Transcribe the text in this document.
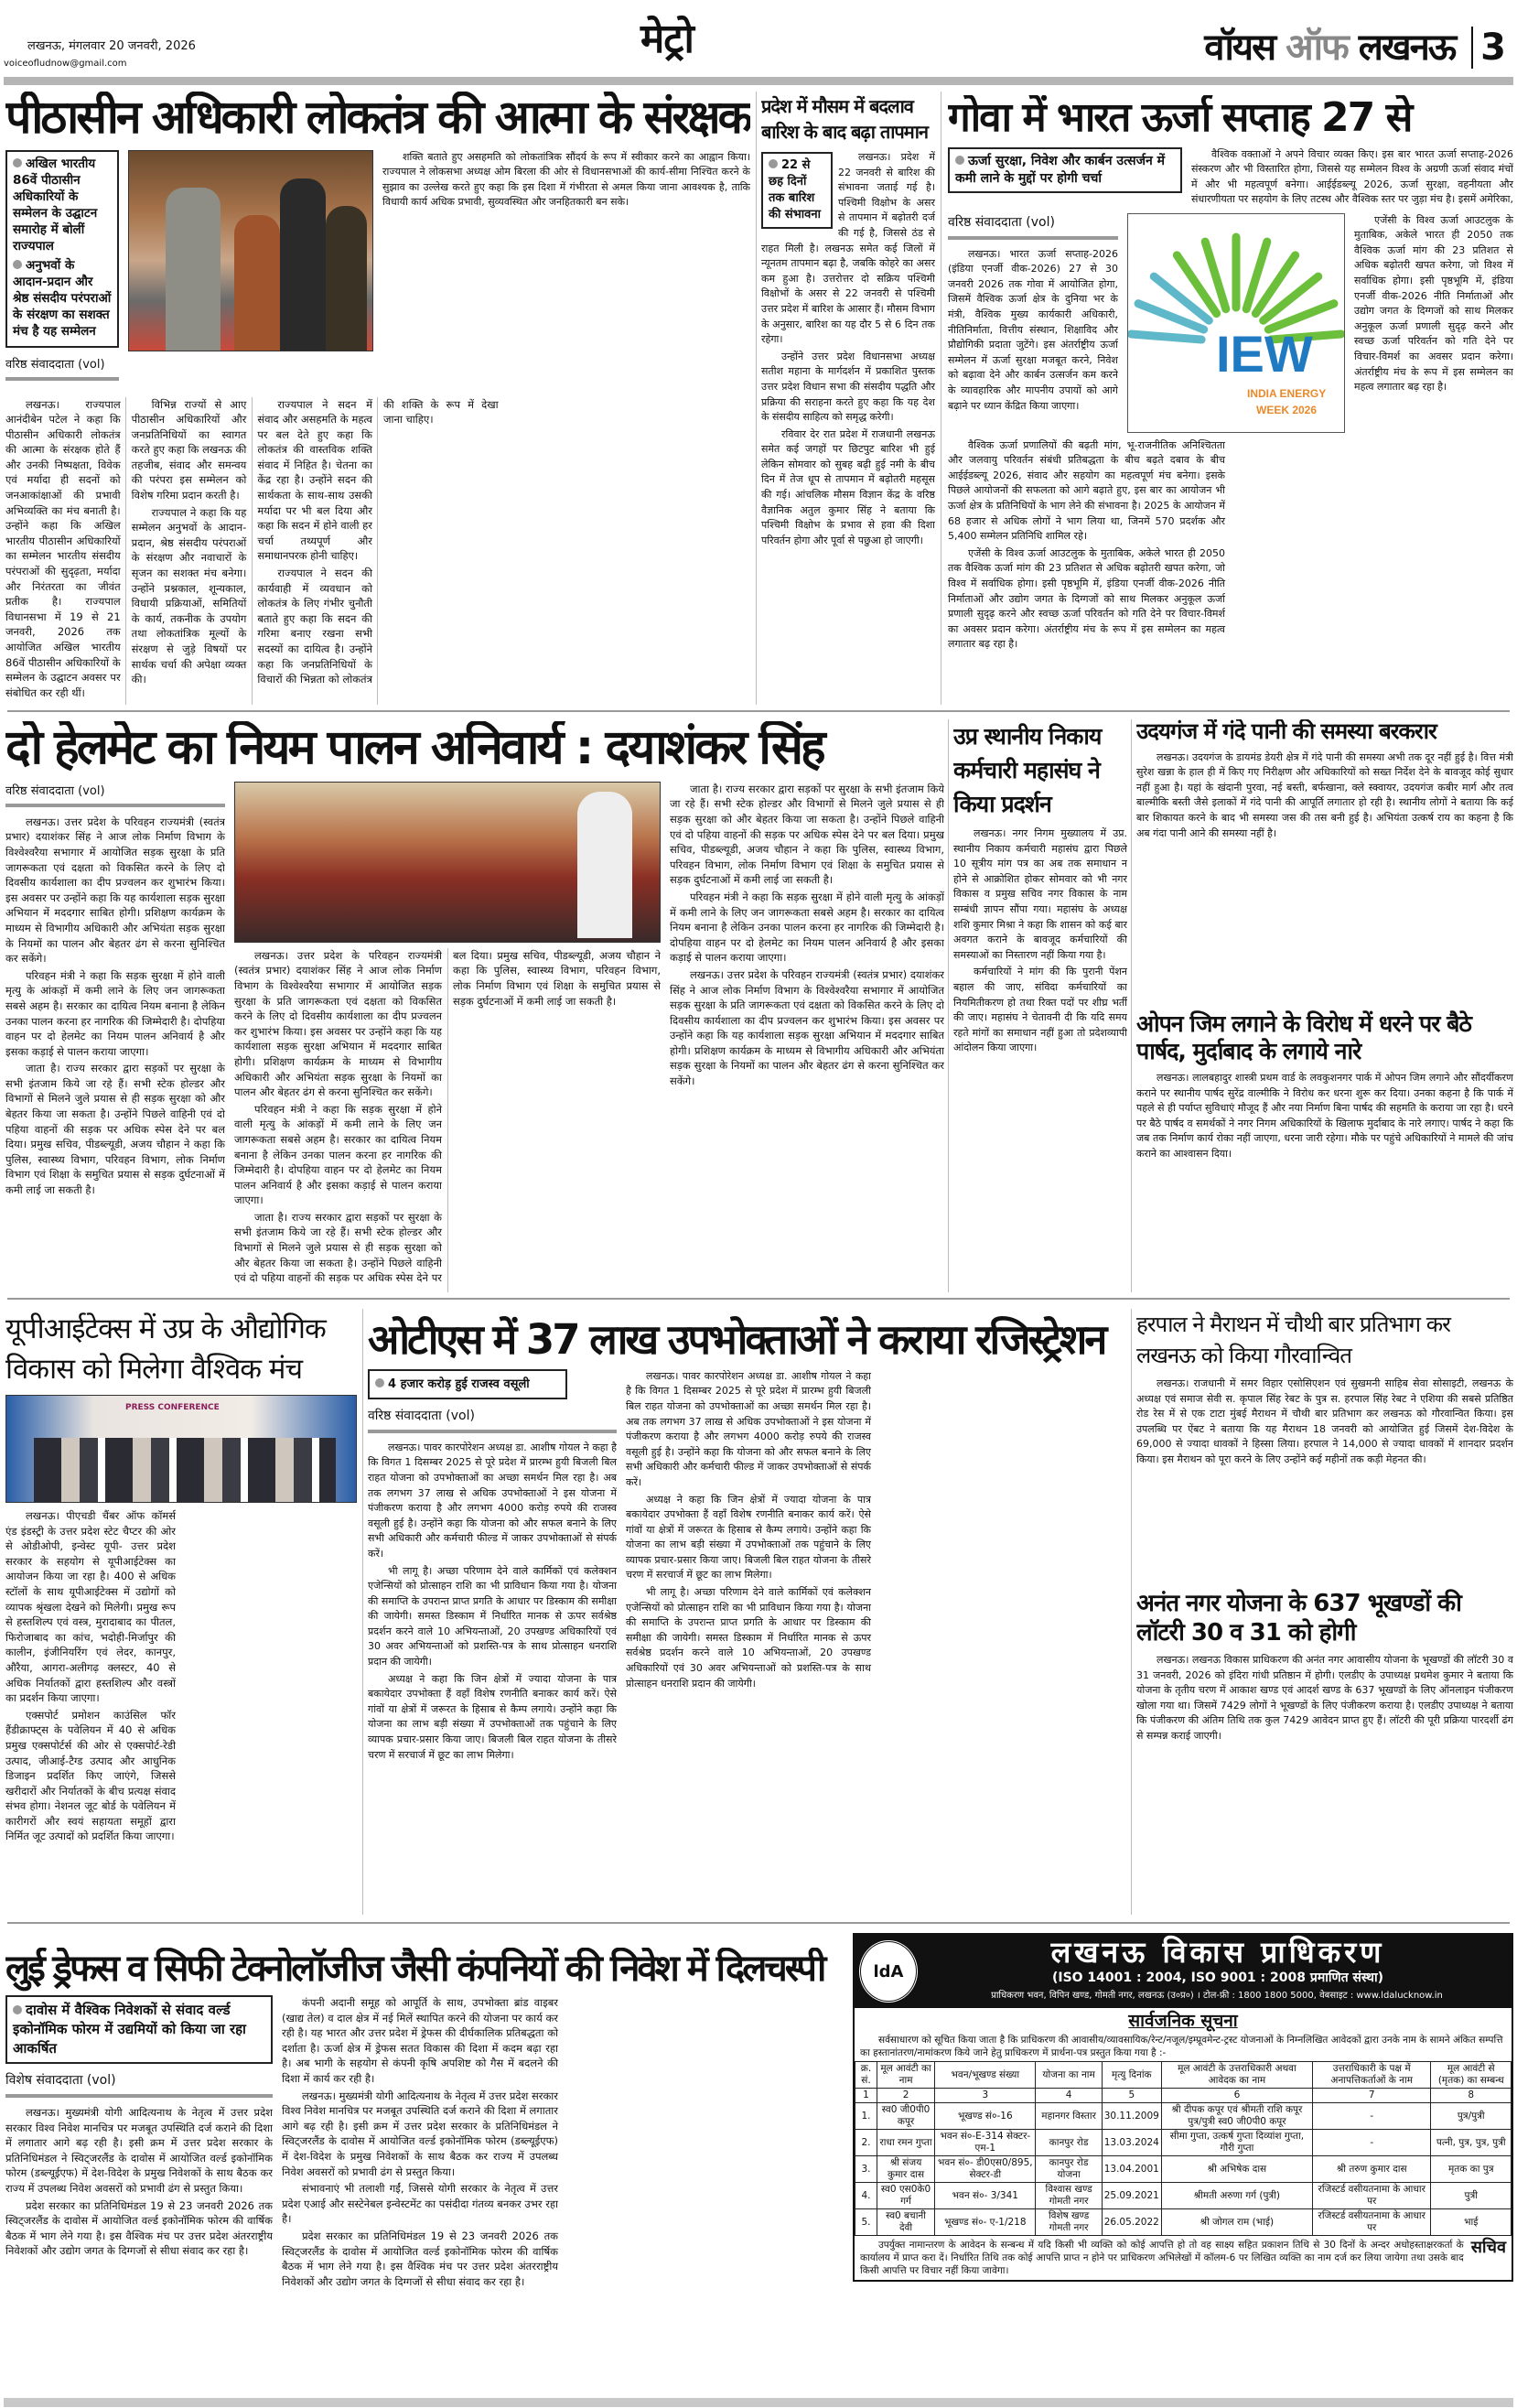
लखनऊ, मंगलवार 20 जनवरी, 2026
voiceofludnow@gmail.com
मेट्रो	वॉयस ऑफ लखनऊ 3
पीठासीन अधिकारी लोकतंत्र की आत्मा के संरक्षक
अखिल भारतीय 86वें पीठासीन अधिकारियों के सम्मेलन के उद्घाटन समारोह में बोलीं राज्यपाल
अनुभवों के आदान-प्रदान और श्रेष्ठ संसदीय परंपराओं के संरक्षण का सशक्त मंच है यह सम्मेलन
वरिष्ठ संवाददाता (vol)

शक्ति बताते हुए असहमति को लोकतांत्रिक सौंदर्य के रूप में स्वीकार करने का आह्वान किया। राज्यपाल ने लोकसभा अध्यक्ष ओम बिरला की ओर से विधानसभाओं की कार्य-सीमा निश्चित करने के सुझाव का उल्लेख करते हुए कहा कि इस दिशा में गंभीरता से अमल किया जाना आवश्यक है, ताकि विधायी कार्य अधिक प्रभावी, सुव्यवस्थित और जनहितकारी बन सके।

लखनऊ। राज्यपाल आनंदीबेन पटेल ने कहा कि पीठासीन अधिकारी लोकतंत्र की आत्मा के संरक्षक होते हैं और उनकी निष्पक्षता, विवेक एवं मर्यादा ही सदनों को जनआकांक्षाओं की प्रभावी अभिव्यक्ति का मंच बनाती है। उन्होंने कहा कि अखिल भारतीय पीठासीन अधिकारियों का सम्मेलन भारतीय संसदीय परंपराओं की सुदृढ़ता, मर्यादा और निरंतरता का जीवंत प्रतीक है। राज्यपाल विधानसभा में 19 से 21 जनवरी, 2026 तक आयोजित अखिल भारतीय 86वें पीठासीन अधिकारियों के सम्मेलन के उद्घाटन अवसर पर संबोधित कर रही थीं।

विभिन्न राज्यों से आए पीठासीन अधिकारियों और जनप्रतिनिधियों का स्वागत करते हुए कहा कि लखनऊ की तहजीब, संवाद और समन्वय की परंपरा इस सम्मेलन को विशेष गरिमा प्रदान करती है।

राज्यपाल ने कहा कि यह सम्मेलन अनुभवों के आदान-प्रदान, श्रेष्ठ संसदीय परंपराओं के संरक्षण और नवाचारों के सृजन का सशक्त मंच बनेगा। उन्होंने प्रश्नकाल, शून्यकाल, विधायी प्रक्रियाओं, समितियों के कार्य, तकनीक के उपयोग तथा लोकतांत्रिक मूल्यों के संरक्षण से जुड़े विषयों पर सार्थक चर्चा की अपेक्षा व्यक्त की।

राज्यपाल ने सदन में संवाद और असहमति के महत्व पर बल देते हुए कहा कि लोकतंत्र की वास्तविक शक्ति संवाद में निहित है। चेतना का केंद्र रहा है। उन्होंने सदन की सार्थकता के साथ-साथ उसकी मर्यादा पर भी बल दिया और कहा कि सदन में होने वाली हर चर्चा तथ्यपूर्ण और समाधानपरक होनी चाहिए।

राज्यपाल ने सदन की कार्यवाही में व्यवधान को लोकतंत्र के लिए गंभीर चुनौती बताते हुए कहा कि सदन की गरिमा बनाए रखना सभी सदस्यों का दायित्व है। उन्होंने कहा कि जनप्रतिनिधियों के विचारों की भिन्नता को लोकतंत्र की शक्ति के रूप में देखा जाना चाहिए।

प्रदेश में मौसम में बदलाव
बारिश के बाद बढ़ा तापमान
22 से छह दिनों तक बारिश की संभावना

लखनऊ। प्रदेश में 22 जनवरी से बारिश की संभावना जताई गई है। पश्चिमी विक्षोभ के असर से तापमान में बढ़ोतरी दर्ज की गई है, जिससे ठंड से राहत मिली है। लखनऊ समेत कई जिलों में न्यूनतम तापमान बढ़ा है, जबकि कोहरे का असर कम हुआ है। उत्तरोत्तर दो सक्रिय पश्चिमी विक्षोभों के असर से 22 जनवरी से पश्चिमी उत्तर प्रदेश में बारिश के आसार हैं। मौसम विभाग के अनुसार, बारिश का यह दौर 5 से 6 दिन तक रहेगा।

उन्होंने उत्तर प्रदेश विधानसभा अध्यक्ष सतीश महाना के मार्गदर्शन में प्रकाशित पुस्तक उत्तर प्रदेश विधान सभा की संसदीय पद्धति और प्रक्रिया की सराहना करते हुए कहा कि यह देश के संसदीय साहित्य को समृद्ध करेगी।

रविवार देर रात प्रदेश में राजधानी लखनऊ समेत कई जगहों पर छिटपुट बारिश भी हुई लेकिन सोमवार को सुबह बढ़ी हुई नमी के बीच दिन में तेज धूप से तापमान में बढ़ोतरी महसूस की गई। आंचलिक मौसम विज्ञान केंद्र के वरिष्ठ वैज्ञानिक अतुल कुमार सिंह ने बताया कि पश्चिमी विक्षोभ के प्रभाव से हवा की दिशा परिवर्तन होगा और पूर्वा से पछुआ हो जाएगी।

गोवा में भारत ऊर्जा सप्ताह 27 से
ऊर्जा सुरक्षा, निवेश और कार्बन उत्सर्जन में कमी लाने के मुद्दों पर होगी चर्चा

वैश्विक वक्ताओं ने अपने विचार व्यक्त किए। इस बार भारत ऊर्जा सप्ताह-2026 संस्करण और भी विस्तारित होगा, जिससे यह सम्मेलन विश्व के अग्रणी ऊर्जा संवाद मंचों में और भी महत्वपूर्ण बनेगा। आईईडब्ल्यू 2026, ऊर्जा सुरक्षा, वहनीयता और संधारणीयता पर सहयोग के लिए तटस्थ और वैश्विक स्तर पर जुड़ा मंच है। इसमें अमेरिका,

वरिष्ठ संवाददाता (vol)

लखनऊ। भारत ऊर्जा सप्ताह-2026 (इंडिया एनर्जी वीक-2026) 27 से 30 जनवरी 2026 तक गोवा में आयोजित होगा, जिसमें वैश्विक ऊर्जा क्षेत्र के दुनिया भर के मंत्री, वैश्विक मुख्य कार्यकारी अधिकारी, नीतिनिर्माता, वित्तीय संस्थान, शिक्षाविद और प्रौद्योगिकी प्रदाता जुटेंगे। इस अंतर्राष्ट्रीय ऊर्जा सम्मेलन में ऊर्जा सुरक्षा मजबूत करने, निवेश को बढ़ावा देने और कार्बन उत्सर्जन कम करने के व्यावहारिक और मापनीय उपायों को आगे बढ़ाने पर ध्यान केंद्रित किया जाएगा।

IEW
INDIA ENERGY
WEEK 2026

एजेंसी के विश्व ऊर्जा आउटलुक के मुताबिक, अकेले भारत ही 2050 तक वैश्विक ऊर्जा मांग की 23 प्रतिशत से अधिक बढ़ोतरी खपत करेगा, जो विश्व में सर्वाधिक होगा। इसी पृष्ठभूमि में, इंडिया एनर्जी वीक-2026 नीति निर्माताओं और उद्योग जगत के दिग्गजों को साथ मिलकर अनुकूल ऊर्जा प्रणाली सुदृढ़ करने और स्वच्छ ऊर्जा परिवर्तन को गति देने पर विचार-विमर्श का अवसर प्रदान करेगा। अंतर्राष्ट्रीय मंच के रूप में इस सम्मेलन का महत्व लगातार बढ़ रहा है।

वैश्विक ऊर्जा प्रणालियों की बढ़ती मांग, भू-राजनीतिक अनिश्चितता और जलवायु परिवर्तन संबंधी प्रतिबद्धता के बीच बढ़ते दबाव के बीच आईईडब्ल्यू 2026, संवाद और सहयोग का महत्वपूर्ण मंच बनेगा। इसके पिछले आयोजनों की सफलता को आगे बढ़ाते हुए, इस बार का आयोजन भी ऊर्जा क्षेत्र के प्रतिनिधियों के भाग लेने की संभावना है। 2025 के आयोजन में 68 हजार से अधिक लोगों ने भाग लिया था, जिनमें 570 प्रदर्शक और 5,400 सम्मेलन प्रतिनिधि शामिल रहे।

एजेंसी के विश्व ऊर्जा आउटलुक के मुताबिक, अकेले भारत ही 2050 तक वैश्विक ऊर्जा मांग की 23 प्रतिशत से अधिक बढ़ोतरी खपत करेगा, जो विश्व में सर्वाधिक होगा। इसी पृष्ठभूमि में, इंडिया एनर्जी वीक-2026 नीति निर्माताओं और उद्योग जगत के दिग्गजों को साथ मिलकर अनुकूल ऊर्जा प्रणाली सुदृढ़ करने और स्वच्छ ऊर्जा परिवर्तन को गति देने पर विचार-विमर्श का अवसर प्रदान करेगा। अंतर्राष्ट्रीय मंच के रूप में इस सम्मेलन का महत्व लगातार बढ़ रहा है।

दो हेलमेट का नियम पालन अनिवार्य : दयाशंकर सिंह
वरिष्ठ संवाददाता (vol)

लखनऊ। उत्तर प्रदेश के परिवहन राज्यमंत्री (स्वतंत्र प्रभार) दयाशंकर सिंह ने आज लोक निर्माण विभाग के विश्वेश्वरैया सभागार में आयोजित सड़क सुरक्षा के प्रति जागरूकता एवं दक्षता को विकसित करने के लिए दो दिवसीय कार्यशाला का दीप प्रज्वलन कर शुभारंभ किया। इस अवसर पर उन्होंने कहा कि यह कार्यशाला सड़क सुरक्षा अभियान में मददगार साबित होगी। प्रशिक्षण कार्यक्रम के माध्यम से विभागीय अधिकारी और अभियंता सड़क सुरक्षा के नियमों का पालन और बेहतर ढंग से करना सुनिश्चित कर सकेंगे।

परिवहन मंत्री ने कहा कि सड़क सुरक्षा में होने वाली मृत्यु के आंकड़ों में कमी लाने के लिए जन जागरूकता सबसे अहम है। सरकार का दायित्व नियम बनाना है लेकिन उनका पालन करना हर नागरिक की जिम्मेदारी है। दोपहिया वाहन पर दो हेलमेट का नियम पालन अनिवार्य है और इसका कड़ाई से पालन कराया जाएगा।

जाता है। राज्य सरकार द्वारा सड़कों पर सुरक्षा के सभी इंतजाम किये जा रहे हैं। सभी स्टेक होल्डर और विभागों से मिलने जुले प्रयास से ही सड़क सुरक्षा को और बेहतर किया जा सकता है। उन्होंने पिछले वाहिनी एवं दो पहिया वाहनों की सड़क पर अधिक स्पेस देने पर बल दिया। प्रमुख सचिव, पीडब्ल्यूडी, अजय चौहान ने कहा कि पुलिस, स्वास्थ्य विभाग, परिवहन विभाग, लोक निर्माण विभाग एवं शिक्षा के समुचित प्रयास से सड़क दुर्घटनाओं में कमी लाई जा सकती है।

लखनऊ। उत्तर प्रदेश के परिवहन राज्यमंत्री (स्वतंत्र प्रभार) दयाशंकर सिंह ने आज लोक निर्माण विभाग के विश्वेश्वरैया सभागार में आयोजित सड़क सुरक्षा के प्रति जागरूकता एवं दक्षता को विकसित करने के लिए दो दिवसीय कार्यशाला का दीप प्रज्वलन कर शुभारंभ किया। इस अवसर पर उन्होंने कहा कि यह कार्यशाला सड़क सुरक्षा अभियान में मददगार साबित होगी। प्रशिक्षण कार्यक्रम के माध्यम से विभागीय अधिकारी और अभियंता सड़क सुरक्षा के नियमों का पालन और बेहतर ढंग से करना सुनिश्चित कर सकेंगे।

परिवहन मंत्री ने कहा कि सड़क सुरक्षा में होने वाली मृत्यु के आंकड़ों में कमी लाने के लिए जन जागरूकता सबसे अहम है। सरकार का दायित्व नियम बनाना है लेकिन उनका पालन करना हर नागरिक की जिम्मेदारी है। दोपहिया वाहन पर दो हेलमेट का नियम पालन अनिवार्य है और इसका कड़ाई से पालन कराया जाएगा।

जाता है। राज्य सरकार द्वारा सड़कों पर सुरक्षा के सभी इंतजाम किये जा रहे हैं। सभी स्टेक होल्डर और विभागों से मिलने जुले प्रयास से ही सड़क सुरक्षा को और बेहतर किया जा सकता है। उन्होंने पिछले वाहिनी एवं दो पहिया वाहनों की सड़क पर अधिक स्पेस देने पर बल दिया। प्रमुख सचिव, पीडब्ल्यूडी, अजय चौहान ने कहा कि पुलिस, स्वास्थ्य विभाग, परिवहन विभाग, लोक निर्माण विभाग एवं शिक्षा के समुचित प्रयास से सड़क दुर्घटनाओं में कमी लाई जा सकती है।

जाता है। राज्य सरकार द्वारा सड़कों पर सुरक्षा के सभी इंतजाम किये जा रहे हैं। सभी स्टेक होल्डर और विभागों से मिलने जुले प्रयास से ही सड़क सुरक्षा को और बेहतर किया जा सकता है। उन्होंने पिछले वाहिनी एवं दो पहिया वाहनों की सड़क पर अधिक स्पेस देने पर बल दिया। प्रमुख सचिव, पीडब्ल्यूडी, अजय चौहान ने कहा कि पुलिस, स्वास्थ्य विभाग, परिवहन विभाग, लोक निर्माण विभाग एवं शिक्षा के समुचित प्रयास से सड़क दुर्घटनाओं में कमी लाई जा सकती है।

परिवहन मंत्री ने कहा कि सड़क सुरक्षा में होने वाली मृत्यु के आंकड़ों में कमी लाने के लिए जन जागरूकता सबसे अहम है। सरकार का दायित्व नियम बनाना है लेकिन उनका पालन करना हर नागरिक की जिम्मेदारी है। दोपहिया वाहन पर दो हेलमेट का नियम पालन अनिवार्य है और इसका कड़ाई से पालन कराया जाएगा।

लखनऊ। उत्तर प्रदेश के परिवहन राज्यमंत्री (स्वतंत्र प्रभार) दयाशंकर सिंह ने आज लोक निर्माण विभाग के विश्वेश्वरैया सभागार में आयोजित सड़क सुरक्षा के प्रति जागरूकता एवं दक्षता को विकसित करने के लिए दो दिवसीय कार्यशाला का दीप प्रज्वलन कर शुभारंभ किया। इस अवसर पर उन्होंने कहा कि यह कार्यशाला सड़क सुरक्षा अभियान में मददगार साबित होगी। प्रशिक्षण कार्यक्रम के माध्यम से विभागीय अधिकारी और अभियंता सड़क सुरक्षा के नियमों का पालन और बेहतर ढंग से करना सुनिश्चित कर सकेंगे।

उप्र स्थानीय निकाय कर्मचारी महासंघ ने किया प्रदर्शन

लखनऊ। नगर निगम मुख्यालय में उप्र. स्थानीय निकाय कर्मचारी महासंघ द्वारा पिछले 10 सूत्रीय मांग पत्र का अब तक समाधान न होने से आक्रोशित होकर सोमवार को भी नगर विकास व प्रमुख सचिव नगर विकास के नाम सम्बंधी ज्ञापन सौंपा गया। महासंघ के अध्यक्ष शशि कुमार मिश्रा ने कहा कि शासन को कई बार अवगत कराने के बावजूद कर्मचारियों की समस्याओं का निस्तारण नहीं किया गया है।

कर्मचारियों ने मांग की कि पुरानी पेंशन बहाल की जाए, संविदा कर्मचारियों का नियमितीकरण हो तथा रिक्त पदों पर शीघ्र भर्ती की जाए। महासंघ ने चेतावनी दी कि यदि समय रहते मांगों का समाधान नहीं हुआ तो प्रदेशव्यापी आंदोलन किया जाएगा।

उदयगंज में गंदे पानी की समस्या बरकरार

लखनऊ। उदयगंज के डायमंड डेयरी क्षेत्र में गंदे पानी की समस्या अभी तक दूर नहीं हुई है। वित्त मंत्री सुरेश खन्ना के हाल ही में किए गए निरीक्षण और अधिकारियों को सख्त निर्देश देने के बावजूद कोई सुधार नहीं हुआ है। यहां के खंदानी पुरवा, नई बस्ती, बर्फखाना, क्ले स्क्वायर, उदयगंज कबीर मार्ग और तत्व बाल्मीकि बस्ती जैसे इलाकों में गंदे पानी की आपूर्ति लगातार हो रही है। स्थानीय लोगों ने बताया कि कई बार शिकायत करने के बाद भी समस्या जस की तस बनी हुई है। अभियंता उत्कर्ष राय का कहना है कि अब गंदा पानी आने की समस्या नहीं है।

ओपन जिम लगाने के विरोध में धरने पर बैठे पार्षद, मुर्दाबाद के लगाये नारे

लखनऊ। लालबहादुर शास्त्री प्रथम वार्ड के लवकुशनगर पार्क में ओपन जिम लगाने और सौंदर्यीकरण कराने पर स्थानीय पार्षद सुरेंद्र वाल्मीकि ने विरोध कर धरना शुरू कर दिया। उनका कहना है कि पार्क में पहले से ही पर्याप्त सुविधाएं मौजूद हैं और नया निर्माण बिना पार्षद की सहमति के कराया जा रहा है। धरने पर बैठे पार्षद व समर्थकों ने नगर निगम अधिकारियों के खिलाफ मुर्दाबाद के नारे लगाए। पार्षद ने कहा कि जब तक निर्माण कार्य रोका नहीं जाएगा, धरना जारी रहेगा। मौके पर पहुंचे अधिकारियों ने मामले की जांच कराने का आश्वासन दिया।

यूपीआईटेक्स में उप्र के औद्योगिक विकास को मिलेगा वैश्विक मंच
PRESS CONFERENCE

लखनऊ। पीएचडी चैंबर ऑफ कॉमर्स एंड इंडस्ट्री के उत्तर प्रदेश स्टेट चैप्टर की ओर से ओडीओपी, इन्वेस्ट यूपी- उत्तर प्रदेश सरकार के सहयोग से यूपीआईटेक्स का आयोजन किया जा रहा है। 400 से अधिक स्टॉलों के साथ यूपीआईटेक्स में उद्योगों को व्यापक श्रृंखला देखने को मिलेगी। प्रमुख रूप से हस्तशिल्प एवं वस्त्र, मुरादाबाद का पीतल, फिरोजाबाद का कांच, भदोही-मिर्जापुर की कालीन, इंजीनियरिंग एवं लेदर, कानपुर, औरैया, आगरा-अलीगढ़ क्लस्टर, 40 से अधिक निर्यातकों द्वारा हस्तशिल्प और वस्त्रों का प्रदर्शन किया जाएगा।

एक्सपोर्ट प्रमोशन काउंसिल फॉर हैंडीक्राफ्ट्स के पवेलियन में 40 से अधिक प्रमुख एक्सपोर्टर्स की ओर से एक्सपोर्ट-रेडी उत्पाद, जीआई-टैग्ड उत्पाद और आधुनिक डिजाइन प्रदर्शित किए जाएंगे, जिससे खरीदारों और निर्यातकों के बीच प्रत्यक्ष संवाद संभव होगा। नेशनल जूट बोर्ड के पवेलियन में कारीगरों और स्वयं सहायता समूहों द्वारा निर्मित जूट उत्पादों को प्रदर्शित किया जाएगा।

ओटीएस में 37 लाख उपभोक्ताओं ने कराया रजिस्ट्रेशन
4 हजार करोड़ हुई राजस्व वसूली
वरिष्ठ संवाददाता (vol)

लखनऊ। पावर कारपोरेशन अध्यक्ष डा. आशीष गोयल ने कहा है कि विगत 1 दिसम्बर 2025 से पूरे प्रदेश में प्रारम्भ हुयी बिजली बिल राहत योजना को उपभोक्ताओं का अच्छा समर्थन मिल रहा है। अब तक लगभग 37 लाख से अधिक उपभोक्ताओं ने इस योजना में पंजीकरण कराया है और लगभग 4000 करोड़ रुपये की राजस्व वसूली हुई है। उन्होंने कहा कि योजना को और सफल बनाने के लिए सभी अधिकारी और कर्मचारी फील्ड में जाकर उपभोक्ताओं से संपर्क करें।

भी लागू है। अच्छा परिणाम देने वाले कार्मिकों एवं कलेक्शन एजेन्सियों को प्रोत्साहन राशि का भी प्राविधान किया गया है। योजना की समाप्ति के उपरान्त प्राप्त प्रगति के आधार पर डिस्काम की समीक्षा की जायेगी। समस्त डिस्काम में निर्धारित मानक से ऊपर सर्वश्रेष्ठ प्रदर्शन करने वाले 10 अभियन्ताओं, 20 उपखण्ड अधिकारियों एवं 30 अवर अभियन्ताओं को प्रशस्ति-पत्र के साथ प्रोत्साहन धनराशि प्रदान की जायेगी।

अध्यक्ष ने कहा कि जिन क्षेत्रों में ज्यादा योजना के पात्र बकायेदार उपभोक्ता हैं वहाँ विशेष रणनीति बनाकर कार्य करें। ऐसे गांवों या क्षेत्रों में जरूरत के हिसाब से कैम्प लगाये। उन्होंने कहा कि योजना का लाभ बड़ी संख्या में उपभोक्ताओं तक पहुंचाने के लिए व्यापक प्रचार-प्रसार किया जाए। बिजली बिल राहत योजना के तीसरे चरण में सरचार्ज में छूट का लाभ मिलेगा।

लखनऊ। पावर कारपोरेशन अध्यक्ष डा. आशीष गोयल ने कहा है कि विगत 1 दिसम्बर 2025 से पूरे प्रदेश में प्रारम्भ हुयी बिजली बिल राहत योजना को उपभोक्ताओं का अच्छा समर्थन मिल रहा है। अब तक लगभग 37 लाख से अधिक उपभोक्ताओं ने इस योजना में पंजीकरण कराया है और लगभग 4000 करोड़ रुपये की राजस्व वसूली हुई है। उन्होंने कहा कि योजना को और सफल बनाने के लिए सभी अधिकारी और कर्मचारी फील्ड में जाकर उपभोक्ताओं से संपर्क करें।

अध्यक्ष ने कहा कि जिन क्षेत्रों में ज्यादा योजना के पात्र बकायेदार उपभोक्ता हैं वहाँ विशेष रणनीति बनाकर कार्य करें। ऐसे गांवों या क्षेत्रों में जरूरत के हिसाब से कैम्प लगाये। उन्होंने कहा कि योजना का लाभ बड़ी संख्या में उपभोक्ताओं तक पहुंचाने के लिए व्यापक प्रचार-प्रसार किया जाए। बिजली बिल राहत योजना के तीसरे चरण में सरचार्ज में छूट का लाभ मिलेगा।

भी लागू है। अच्छा परिणाम देने वाले कार्मिकों एवं कलेक्शन एजेन्सियों को प्रोत्साहन राशि का भी प्राविधान किया गया है। योजना की समाप्ति के उपरान्त प्राप्त प्रगति के आधार पर डिस्काम की समीक्षा की जायेगी। समस्त डिस्काम में निर्धारित मानक से ऊपर सर्वश्रेष्ठ प्रदर्शन करने वाले 10 अभियन्ताओं, 20 उपखण्ड अधिकारियों एवं 30 अवर अभियन्ताओं को प्रशस्ति-पत्र के साथ प्रोत्साहन धनराशि प्रदान की जायेगी।

हरपाल ने मैराथन में चौथी बार प्रतिभाग कर लखनऊ को किया गौरवान्वित

लखनऊ। राजधानी में समर विहार एसोसिएशन एवं सुखमनी साहिब सेवा सोसाइटी, लखनऊ के अध्यक्ष एवं समाज सेवी स. कृपाल सिंह रेबट के पुत्र स. हरपाल सिंह रेबट ने एशिया की सबसे प्रतिष्ठित रोड रेस में से एक टाटा मुंबई मैराथन में चौथी बार प्रतिभाग कर लखनऊ को गौरवान्वित किया। इस उपलब्धि पर ऐंबट ने बताया कि यह मैराथन 18 जनवरी को आयोजित हुई जिसमें देश-विदेश के 69,000 से ज्यादा धावकों ने हिस्सा लिया। हरपाल ने 14,000 से ज्यादा धावकों में शानदार प्रदर्शन किया। इस मैराथन को पूरा करने के लिए उन्होंने कई महीनों तक कड़ी मेहनत की।

अनंत नगर योजना के 637 भूखण्डों की लॉटरी 30 व 31 को होगी

लखनऊ। लखनऊ विकास प्राधिकरण की अनंत नगर आवासीय योजना के भूखण्डों की लॉटरी 30 व 31 जनवरी, 2026 को इंदिरा गांधी प्रतिष्ठान में होगी। एलडीए के उपाध्यक्ष प्रथमेश कुमार ने बताया कि योजना के तृतीय चरण में आकाश खण्ड एवं आदर्श खण्ड के 637 भूखण्डों के लिए ऑनलाइन पंजीकरण खोला गया था। जिसमें 7429 लोगों ने भूखण्डों के लिए पंजीकरण कराया है। एलडीए उपाध्यक्ष ने बताया कि पंजीकरण की अंतिम तिथि तक कुल 7429 आवेदन प्राप्त हुए हैं। लॉटरी की पूरी प्रक्रिया पारदर्शी ढंग से सम्पन्न कराई जाएगी।

लुई ड्रेफस व सिफी टेक्नोलॉजीज जैसी कंपनियों की निवेश में दिलचस्पी
दावोस में वैश्विक निवेशकों से संवाद वर्ल्ड इकोनॉमिक फोरम में उद्यमियों को किया जा रहा आकर्षित
विशेष संवाददाता (vol)

लखनऊ। मुख्यमंत्री योगी आदित्यनाथ के नेतृत्व में उत्तर प्रदेश सरकार विश्व निवेश मानचित्र पर मजबूत उपस्थिति दर्ज कराने की दिशा में लगातार आगे बढ़ रही है। इसी क्रम में उत्तर प्रदेश सरकार के प्रतिनिधिमंडल ने स्विट्जरलैंड के दावोस में आयोजित वर्ल्ड इकोनॉमिक फोरम (डब्ल्यूईएफ) में देश-विदेश के प्रमुख निवेशकों के साथ बैठक कर राज्य में उपलब्ध निवेश अवसरों को प्रभावी ढंग से प्रस्तुत किया।

प्रदेश सरकार का प्रतिनिधिमंडल 19 से 23 जनवरी 2026 तक स्विट्जरलैंड के दावोस में आयोजित वर्ल्ड इकोनॉमिक फोरम की वार्षिक बैठक में भाग लेने गया है। इस वैश्विक मंच पर उत्तर प्रदेश अंतरराष्ट्रीय निवेशकों और उद्योग जगत के दिग्गजों से सीधा संवाद कर रहा है।

कंपनी अदानी समूह को आपूर्ति के साथ, उपभोक्ता ब्रांड वाइबर (खाद्य तेल) व दाल क्षेत्र में नई मिलें स्थापित करने की योजना पर कार्य कर रही है। यह भारत और उत्तर प्रदेश में ड्रेफस की दीर्घकालिक प्रतिबद्धता को दर्शाता है। ऊर्जा क्षेत्र में ड्रेफस सतत विकास की दिशा में कदम बढ़ा रहा है। अब भागी के सहयोग से कंपनी कृषि अपशिष्ट को गैस में बदलने की दिशा में कार्य कर रही है।

लखनऊ। मुख्यमंत्री योगी आदित्यनाथ के नेतृत्व में उत्तर प्रदेश सरकार विश्व निवेश मानचित्र पर मजबूत उपस्थिति दर्ज कराने की दिशा में लगातार आगे बढ़ रही है। इसी क्रम में उत्तर प्रदेश सरकार के प्रतिनिधिमंडल ने स्विट्जरलैंड के दावोस में आयोजित वर्ल्ड इकोनॉमिक फोरम (डब्ल्यूईएफ) में देश-विदेश के प्रमुख निवेशकों के साथ बैठक कर राज्य में उपलब्ध निवेश अवसरों को प्रभावी ढंग से प्रस्तुत किया।

संभावनाएं भी तलाशी गईं, जिससे योगी सरकार के नेतृत्व में उत्तर प्रदेश एआई और सस्टेनेबल इन्वेस्टमेंट का पसंदीदा गंतव्य बनकर उभर रहा है।

प्रदेश सरकार का प्रतिनिधिमंडल 19 से 23 जनवरी 2026 तक स्विट्जरलैंड के दावोस में आयोजित वर्ल्ड इकोनॉमिक फोरम की वार्षिक बैठक में भाग लेने गया है। इस वैश्विक मंच पर उत्तर प्रदेश अंतरराष्ट्रीय निवेशकों और उद्योग जगत के दिग्गजों से सीधा संवाद कर रहा है।

ldA
लखनऊ विकास प्राधिकरण
(ISO 14001 : 2004, ISO 9001 : 2008 प्रमाणित संस्था)
प्राधिकरण भवन, विपिन खण्ड, गोमती नगर, लखनऊ (उ०प्र०) । टोल-फ्री : 1800 1800 5000, वेबसाइट : www.ldalucknow.in
सार्वजनिक सूचना
सर्वसाधारण को सूचित किया जाता है कि प्राधिकरण की आवासीय/व्यावसायिक/रेन्ट/नजूल/इम्प्रूवमेन्ट-ट्रस्ट योजनाओं के निम्नलिखित आवेदकों द्वारा उनके नाम के सामने अंकित सम्पत्ति का हस्तानांतरण/नामांकरण किये जाने हेतु प्राधिकरण में प्रार्थना-पत्र प्रस्तुत किया गया है :-
क्र. सं.	मूल आवंटी का नाम	भवन/भूखण्ड संख्या	योजना का नाम	मृत्यु दिनांक	मूल आवंटी के उत्तराधिकारी अथवा आवेदक का नाम	उत्तराधिकारी के पक्ष में अनापत्तिकर्ताओं के नाम	मूल आवंटी से (मृतक) का सम्बन्ध
1	2	3	4	5	6	7	8
1.	स्व0 जी0पी0 कपूर	भूखण्ड सं०-16	महानगर विस्तार	30.11.2009	श्री दीपक कपूर एवं श्रीमती राशि कपूर पुत्र/पुत्री स्व0 जी0पी0 कपूर	-	पुत्र/पुत्री
2.	राधा रमन गुप्ता	भवन सं०-E-314 सेक्टर-एम-1	कानपुर रोड	13.03.2024	सीमा गुप्ता, उत्कर्ष गुप्ता दिव्यांश गुप्ता, गौरी गुप्ता	-	पत्नी, पुत्र, पुत्र, पुत्री
3.	श्री संजय कुमार दास	भवन सं०- डी0एस0/895, सेक्टर-डी	कानपुर रोड योजना	13.04.2001	श्री अभिषेक दास	श्री तरुण कुमार दास	मृतक का पुत्र
4.	स्व0 एस0के0 गर्ग	भवन सं०- 3/341	विश्वास खण्ड गोमती नगर	25.09.2021	श्रीमती अरुणा गर्ग (पुत्री)	रजिस्टर्ड वसीयतनामा के आधार पर	पुत्री
5.	स्व0 बचानी देवी	भूखण्ड सं०- ए-1/218	विशेष खण्ड गोमती नगर	26.05.2022	श्री जोगल राम (भाई)	रजिस्टर्ड वसीयतनामा के आधार पर	भाई
सचिव
उपर्युक्त नामान्तरण के आवेदन के सन्बन्ध में यदि किसी भी व्यक्ति को कोई आपत्ति हो तो वह साक्ष्य सहित प्रकाशन तिथि से 30 दिनों के अन्दर अधोहस्ताक्षरकर्ता के कार्यालय में प्राप्त करा दें। निर्धारित तिथि तक कोई आपत्ति प्राप्त न होने पर प्राधिकरण अभिलेखों में कॉलम-6 पर लिखित व्यक्ति का नाम दर्ज कर लिया जायेगा तथा उसके बाद किसी आपत्ति पर विचार नहीं किया जावेगा।
